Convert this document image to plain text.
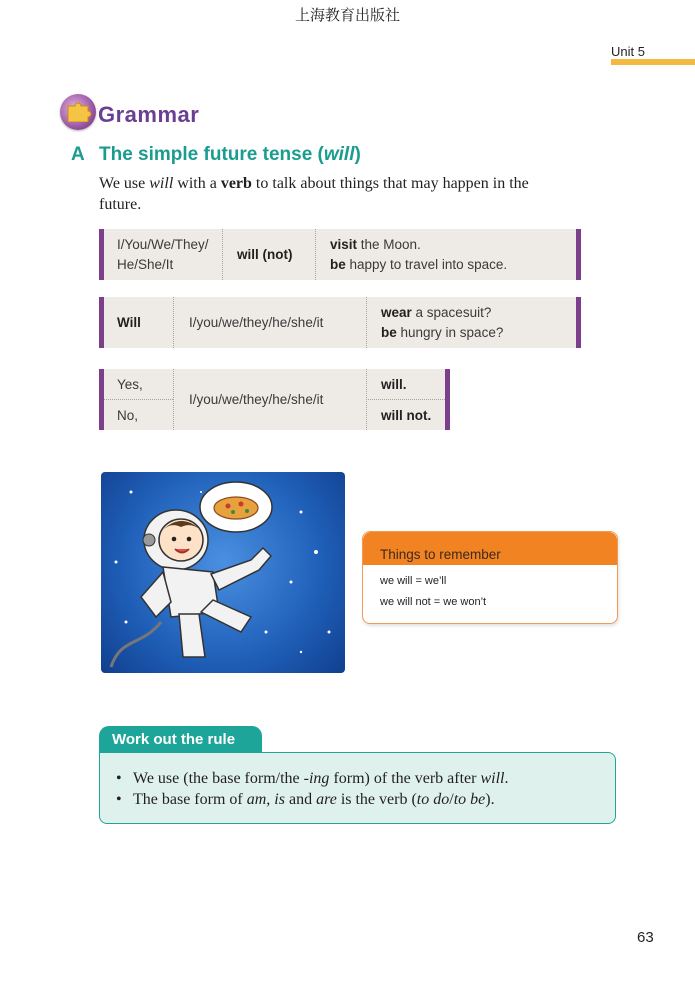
上海教育出版社
Unit 5
Grammar
A The simple future tense (will)
We use will with a verb to talk about things that may happen in the future.
I/You/We/They/
He/She/It
will (not)
visit the Moon.
be happy to travel into space.
Will	I/you/we/they/he/she/it
wear a spacesuit?
be hungry in space?
Yes,
No,
I/you/we/they/he/she/it
will.
will not.
Things to remember
we will = we’ll
we will not = we won’t
Work out the rule
• We use (the base form/the -ing form) of the verb after will.
• The base form of am, is and are is the verb (to do/to be).
63
